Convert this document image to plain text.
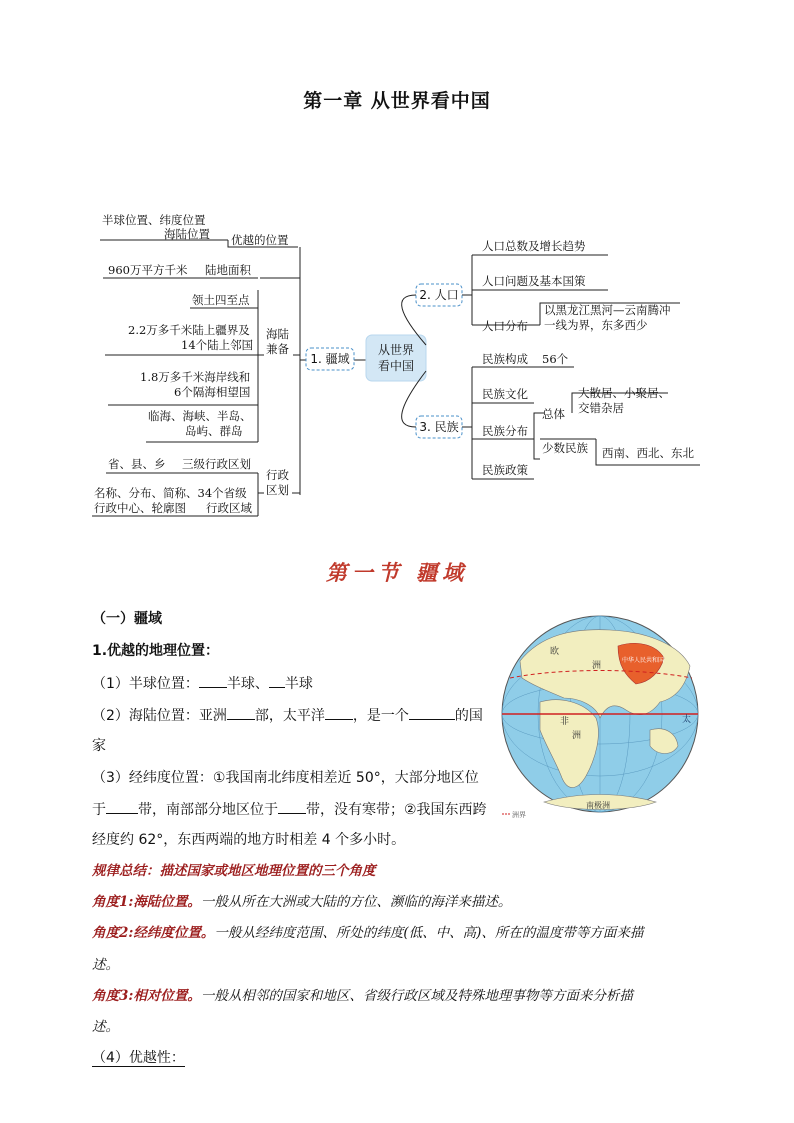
第一章 从世界看中国
从世界
看中国
1. 疆域
2. 人口
3. 民族
半球位置、纬度位置
海陆位置 优越的位置
960万平方千米 陆地面积
领土四至点
2.2万多千米陆上疆界及
14个陆上邻国
海陆
兼备
1.8万多千米海岸线和
6个隔海相望国
临海、海峡、半岛、
岛屿、群岛
省、县、乡 三级行政区划
行政
区划
名称、分布、简称、34个省级
行政中心、轮廓图 行政区域
人口总数及增长趋势
人口问题及基本国策
人口分布
以黑龙江黑河—云南腾冲
一线为界，东多西少
民族构成 56个
民族文化	大散居、小聚居、
交错杂居
总体
民族分布
少数民族 西南、西北、东北
民族政策
第一节 疆域
（一）疆域
1.优越的地理位置：
（1）半球位置： 半球、 半球
（2）海陆位置：亚洲 部，太平洋 ，是一个	的国
家
（3）经纬度位置：①我国南北纬度相差近 50°，大部分地区位
于 带，南部部分地区位于 带，没有寒带；②我国东西跨
经度约 62°，东西两端的地方时相差 4 个多小时。
规律总结：描述国家或地区地理位置的三个角度
角度1:海陆位置。一般从所在大洲或大陆的方位、濒临的海洋来描述。
角度2:经纬度位置。一般从经纬度范围、所处的纬度(低、中、高)、所在的温度带等方面来描
述。
角度3:相对位置。一般从相邻的国家和地区、省级行政区域及特殊地理事物等方面来分析描
述。
（4）优越性：
欧
洲
非
洲
中华人民共和国
太
南极洲
洲界
